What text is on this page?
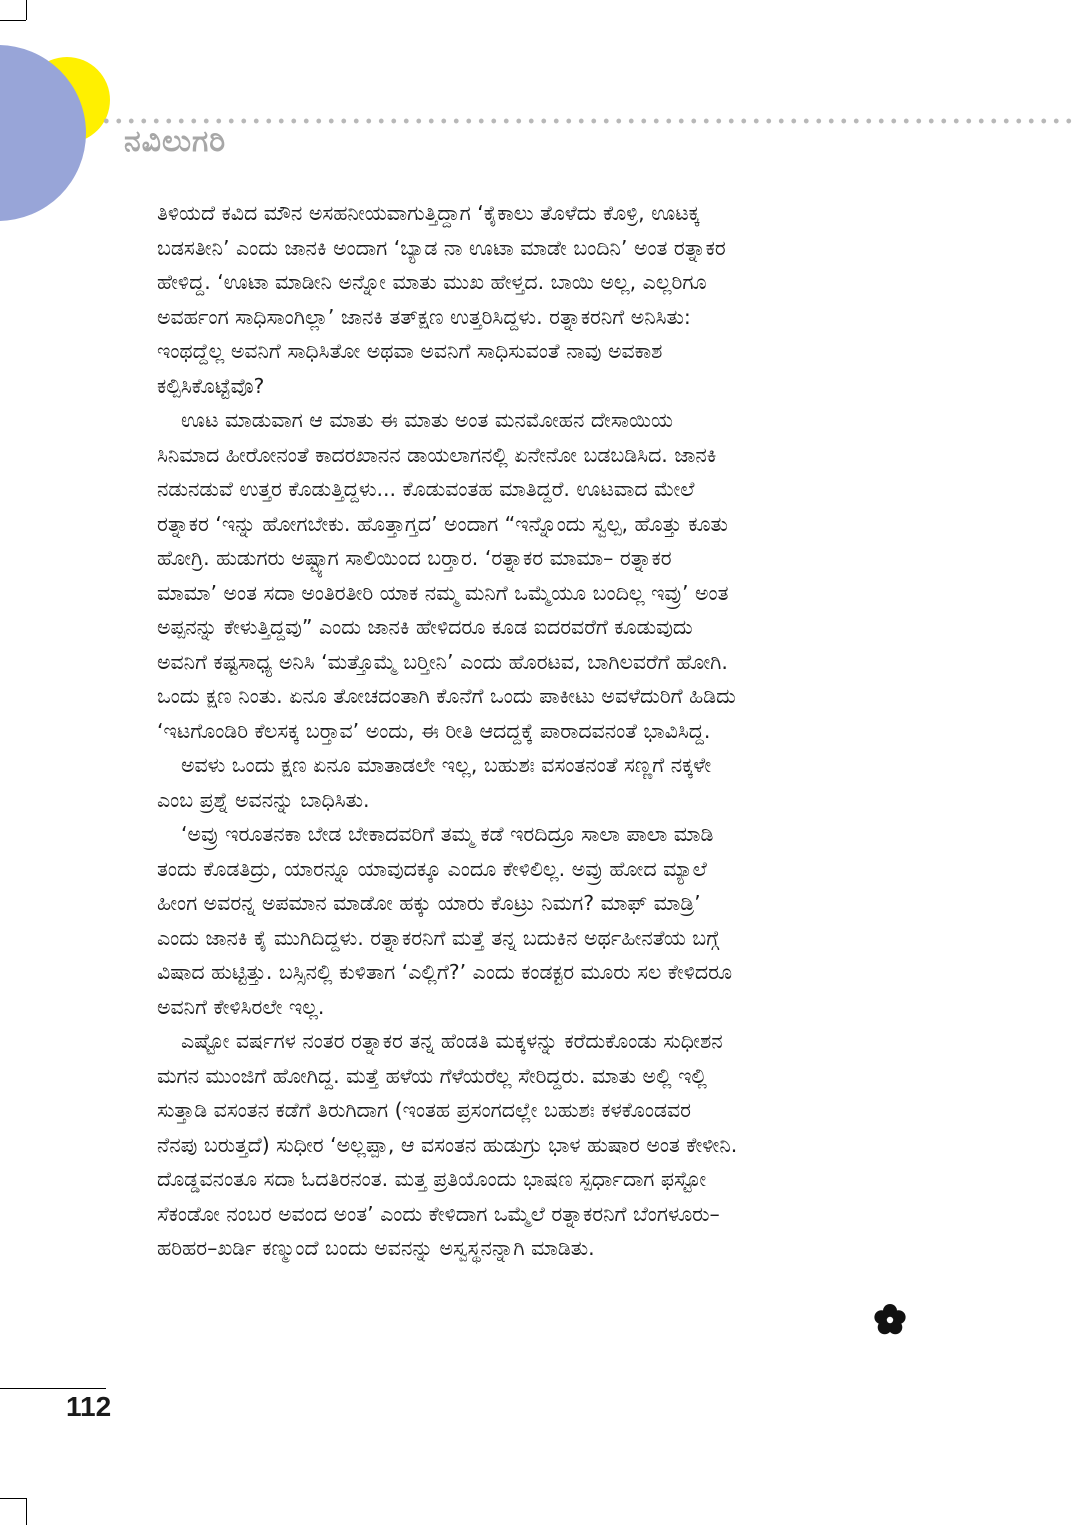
ನವಿಲುಗರಿ
ತಿಳಿಯದೆ ಕವಿದ ಮೌನ ಅಸಹನೀಯವಾಗುತ್ತಿದ್ದಾಗ ‘ಕೈಕಾಲು ತೊಳೆದು ಕೊಳ್ರಿ, ಊಟಕ್ಕ
ಬಡಸತೀನಿ’ ಎಂದು ಜಾನಕಿ ಅಂದಾಗ ‘ಬ್ಯಾಡ ನಾ ಊಟಾ ಮಾಡೇ ಬಂದಿನಿ’ ಅಂತ ರತ್ನಾಕರ
ಹೇಳಿದ್ದ. ‘ಊಟಾ ಮಾಡೀನಿ ಅನ್ನೋ ಮಾತು ಮುಖ ಹೇಳ್ತದ. ಬಾಯಿ ಅಲ್ಲ, ಎಲ್ಲರಿಗೂ
ಅವರ್ಹಂಗ ಸಾಧಿಸಾಂಗಿಲ್ಲಾ’ ಜಾನಕಿ ತತ್‌ಕ್ಷಣ ಉತ್ತರಿಸಿದ್ದಳು. ರತ್ನಾಕರನಿಗೆ ಅನಿಸಿತು:
ಇಂಥದ್ದೆಲ್ಲ ಅವನಿಗೆ ಸಾಧಿಸಿತೋ ಅಥವಾ ಅವನಿಗೆ ಸಾಧಿಸುವಂತೆ ನಾವು ಅವಕಾಶ
ಕಲ್ಪಿಸಿಕೊಟ್ಟೆವೊ?
ಊಟ ಮಾಡುವಾಗ ಆ ಮಾತು ಈ ಮಾತು ಅಂತ ಮನಮೋಹನ ದೇಸಾಯಿಯ
ಸಿನಿಮಾದ ಹೀರೋನಂತೆ ಕಾದರಖಾನನ ಡಾಯಲಾಗನಲ್ಲಿ ಏನೇನೋ ಬಡಬಡಿಸಿದ. ಜಾನಕಿ
ನಡುನಡುವೆ ಉತ್ತರ ಕೊಡುತ್ತಿದ್ದಳು... ಕೊಡುವಂತಹ ಮಾತಿದ್ದರೆ. ಊಟವಾದ ಮೇಲೆ
ರತ್ನಾಕರ ‘ಇನ್ನು ಹೋಗಬೇಕು. ಹೊತ್ತಾಗ್ತದ’ ಅಂದಾಗ “ಇನ್ನೊಂದು ಸ್ವಲ್ಪ, ಹೊತ್ತು ಕೂತು
ಹೋಗ್ರಿ. ಹುಡುಗರು ಅಷ್ಟ್ಯಾಗ ಸಾಲಿಯಿಂದ ಬರ್‍ತಾರ. ‘ರತ್ನಾಕರ ಮಾಮಾ– ರತ್ನಾಕರ
ಮಾಮಾ’ ಅಂತ ಸದಾ ಅಂತಿರತೀರಿ ಯಾಕ ನಮ್ಮ ಮನಿಗೆ ಒಮ್ಮೆಯೂ ಬಂದಿಲ್ಲ ಇವ್ರು’ ಅಂತ
ಅಪ್ಪನನ್ನು ಕೇಳುತ್ತಿದ್ದವು” ಎಂದು ಜಾನಕಿ ಹೇಳಿದರೂ ಕೂಡ ಐದರವರೆಗೆ ಕೂಡುವುದು
ಅವನಿಗೆ ಕಷ್ಟಸಾಧ್ಯ ಅನಿಸಿ ‘ಮತ್ತೊಮ್ಮೆ ಬರ್‍ತೀನಿ’ ಎಂದು ಹೊರಟವ, ಬಾಗಿಲವರೆಗೆ ಹೋಗಿ.
ಒಂದು ಕ್ಷಣ ನಿಂತು. ಏನೂ ತೋಚದಂತಾಗಿ ಕೊನೆಗೆ ಒಂದು ಪಾಕೀಟು ಅವಳೆದುರಿಗೆ ಹಿಡಿದು
‘ಇಟಗೊಂಡಿರಿ ಕೆಲಸಕ್ಕ ಬರ್‍ತಾವ’ ಅಂದು, ಈ ರೀತಿ ಆದದ್ದಕ್ಕೆ ಪಾರಾದವನಂತೆ ಭಾವಿಸಿದ್ದ.
ಅವಳು ಒಂದು ಕ್ಷಣ ಏನೂ ಮಾತಾಡಲೇ ಇಲ್ಲ, ಬಹುಶಃ ವಸಂತನಂತೆ ಸಣ್ಣಗೆ ನಕ್ಕಳೇ
ಎಂಬ ಪ್ರಶ್ನೆ ಅವನನ್ನು ಬಾಧಿಸಿತು.
‘ಅವ್ರು ಇರೂತನಕಾ ಬೇಡ ಬೇಕಾದವರಿಗೆ ತಮ್ಮ ಕಡೆ ಇರದಿದ್ರೂ ಸಾಲಾ ಪಾಲಾ ಮಾಡಿ
ತಂದು ಕೊಡತಿದ್ರು, ಯಾರನ್ನೂ ಯಾವುದಕ್ಕೂ ಎಂದೂ ಕೇಳಿಲಿಲ್ಲ. ಅವ್ರು ಹೋದ ಮ್ಯಾಲೆ
ಹೀಂಗ ಅವರನ್ನ ಅಪಮಾನ ಮಾಡೋ ಹಕ್ಕು ಯಾರು ಕೊಟ್ರು ನಿಮಗ? ಮಾಫ್ ಮಾಡ್ರಿ’
ಎಂದು ಜಾನಕಿ ಕೈ ಮುಗಿದಿದ್ದಳು. ರತ್ನಾಕರನಿಗೆ ಮತ್ತೆ ತನ್ನ ಬದುಕಿನ ಅರ್ಥಹೀನತೆಯ ಬಗ್ಗೆ
ವಿಷಾದ ಹುಟ್ಟಿತ್ತು. ಬಸ್ಸಿನಲ್ಲಿ ಕುಳಿತಾಗ ‘ಎಲ್ಲಿಗೆ?’ ಎಂದು ಕಂಡಕ್ಟರ ಮೂರು ಸಲ ಕೇಳಿದರೂ
ಅವನಿಗೆ ಕೇಳಿಸಿರಲೇ ಇಲ್ಲ.
ಎಷ್ಟೋ ವರ್ಷಗಳ ನಂತರ ರತ್ನಾಕರ ತನ್ನ ಹೆಂಡತಿ ಮಕ್ಕಳನ್ನು ಕರೆದುಕೊಂಡು ಸುಧೀಶನ
ಮಗನ ಮುಂಜಿಗೆ ಹೋಗಿದ್ದ. ಮತ್ತೆ ಹಳೆಯ ಗೆಳೆಯರೆಲ್ಲ ಸೇರಿದ್ದರು. ಮಾತು ಅಲ್ಲಿ ಇಲ್ಲಿ
ಸುತ್ತಾಡಿ ವಸಂತನ ಕಡೆಗೆ ತಿರುಗಿದಾಗ (ಇಂತಹ ಪ್ರಸಂಗದಲ್ಲೇ ಬಹುಶಃ ಕಳಕೊಂಡವರ
ನೆನಪು ಬರುತ್ತದೆ) ಸುಧೀರ ‘ಅಲ್ಲಪ್ಪಾ, ಆ ವಸಂತನ ಹುಡುಗ್ರು ಭಾಳ ಹುಷಾರ ಅಂತ ಕೇಳೀನಿ.
ದೊಡ್ಡವನಂತೂ ಸದಾ ಓದತಿರನಂತ. ಮತ್ತ ಪ್ರತಿಯೊಂದು ಭಾಷಣ ಸ್ಪರ್ಧಾದಾಗ ಫಸ್ಟೋ
ಸೆಕಂಡೋ ನಂಬರ ಅವಂದ ಅಂತ’ ಎಂದು ಕೇಳಿದಾಗ ಒಮ್ಮೆಲೆ ರತ್ನಾಕರನಿಗೆ ಬೆಂಗಳೂರು–
ಹರಿಹರ–ಖರ್ಡಿ ಕಣ್ಮುಂದೆ ಬಂದು ಅವನನ್ನು ಅಸ್ವಸ್ಥನನ್ನಾಗಿ ಮಾಡಿತು.
112
